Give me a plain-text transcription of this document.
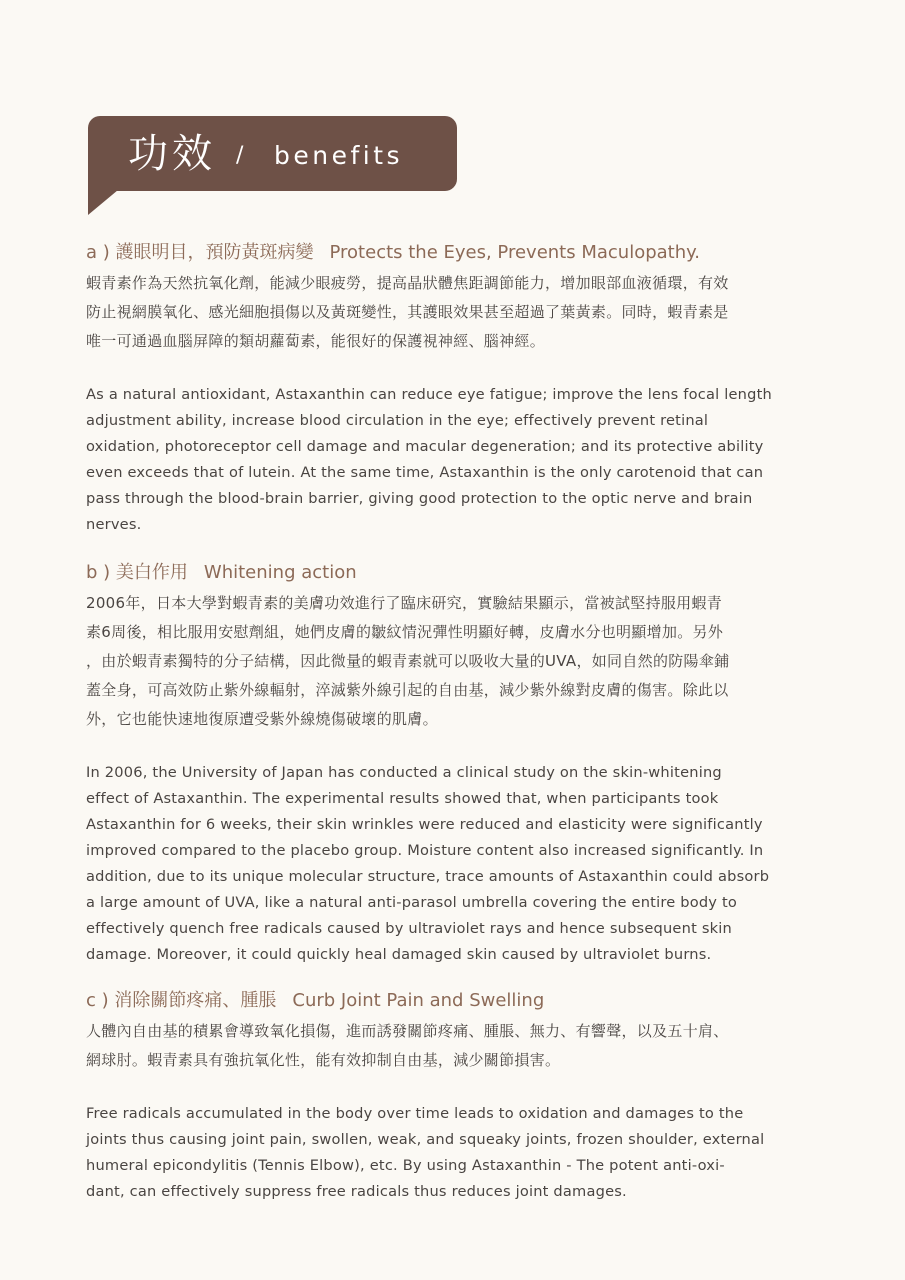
功效 / benefits
a ) 護眼明目，預防黃斑病變 Protects the Eyes, Prevents Maculopathy.

蝦青素作為天然抗氧化劑，能減少眼疲勞，提高晶狀體焦距調節能力，增加眼部血液循環，有效

防止視網膜氧化、感光細胞損傷以及黃斑變性，其護眼效果甚至超過了葉黃素。同時，蝦青素是

唯一可通過血腦屏障的類胡蘿蔔素，能很好的保護視神經、腦神經。

As a natural antioxidant, Astaxanthin can reduce eye fatigue; improve the lens focal length

adjustment ability, increase blood circulation in the eye; effectively prevent retinal

oxidation, photoreceptor cell damage and macular degeneration; and its protective ability

even exceeds that of lutein. At the same time, Astaxanthin is the only carotenoid that can

pass through the blood-brain barrier, giving good protection to the optic nerve and brain

nerves.

b ) 美白作用 Whitening action

2006年，日本大學對蝦青素的美膚功效進行了臨床研究，實驗結果顯示，當被試堅持服用蝦青

素6周後，相比服用安慰劑組，她們皮膚的皺紋情況彈性明顯好轉，皮膚水分也明顯增加。另外

，由於蝦青素獨特的分子結構，因此微量的蝦青素就可以吸收大量的UVA，如同自然的防陽傘鋪

蓋全身，可高效防止紫外線輻射，淬滅紫外線引起的自由基，減少紫外線對皮膚的傷害。除此以

外，它也能快速地復原遭受紫外線燒傷破壞的肌膚。

In 2006, the University of Japan has conducted a clinical study on the skin-whitening

effect of Astaxanthin. The experimental results showed that, when participants took

Astaxanthin for 6 weeks, their skin wrinkles were reduced and elasticity were significantly

improved compared to the placebo group. Moisture content also increased significantly. In

addition, due to its unique molecular structure, trace amounts of Astaxanthin could absorb

a large amount of UVA, like a natural anti-parasol umbrella covering the entire body to

effectively quench free radicals caused by ultraviolet rays and hence subsequent skin

damage. Moreover, it could quickly heal damaged skin caused by ultraviolet burns.

c ) 消除關節疼痛、腫脹 Curb Joint Pain and Swelling

人體內自由基的積累會導致氧化損傷，進而誘發關節疼痛、腫脹、無力、有響聲，以及五十肩、

網球肘。蝦青素具有強抗氧化性，能有效抑制自由基，減少關節損害。

Free radicals accumulated in the body over time leads to oxidation and damages to the

joints thus causing joint pain, swollen, weak, and squeaky joints, frozen shoulder, external

humeral epicondylitis (Tennis Elbow), etc. By using Astaxanthin - The potent anti-oxi-

dant, can effectively suppress free radicals thus reduces joint damages.
